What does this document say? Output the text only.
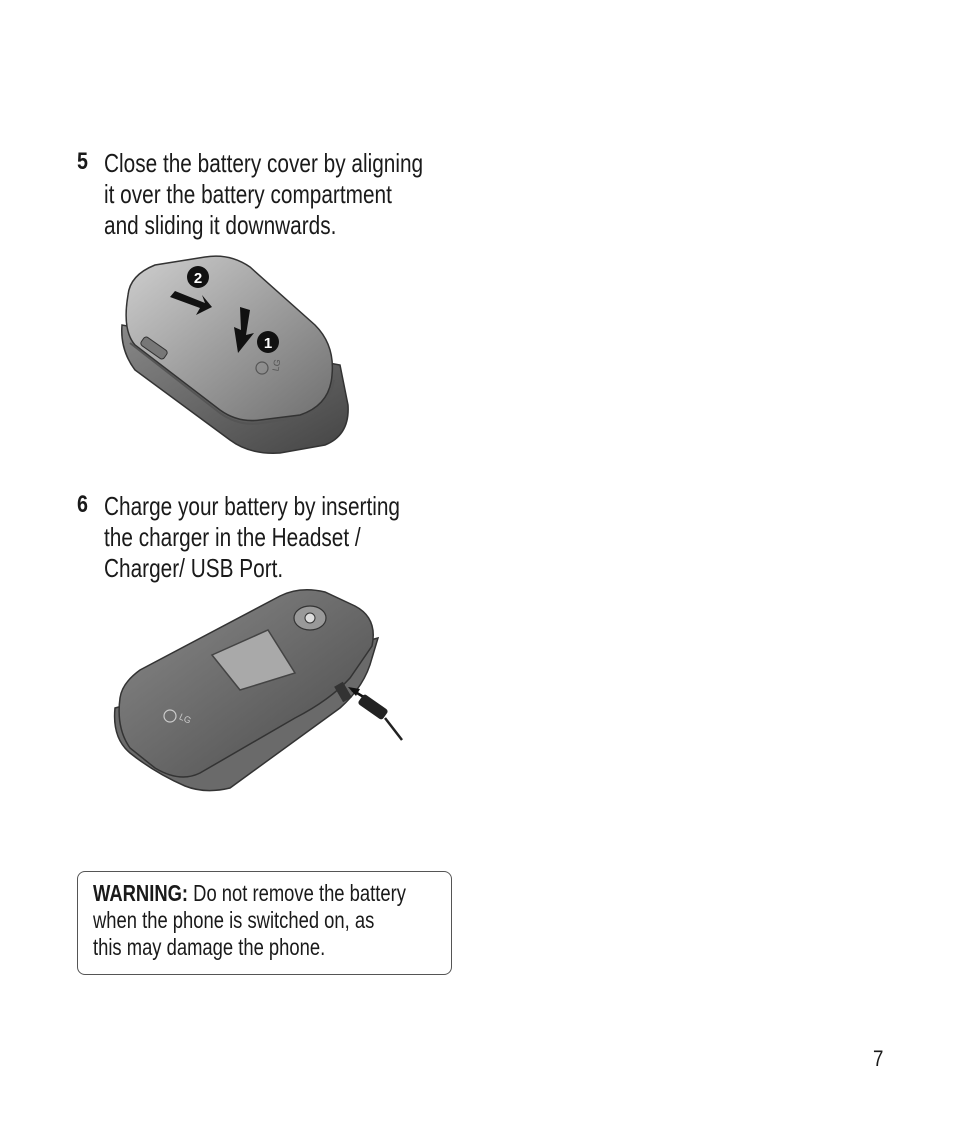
5 Close the battery cover by aligning
it over the battery compartment
and sliding it downwards.
2
1
LG
6 Charge your battery by inserting
the charger in the Headset /
Charger/ USB Port.
LG
WARNING: Do not remove the battery
when the phone is switched on, as
this may damage the phone.
7
